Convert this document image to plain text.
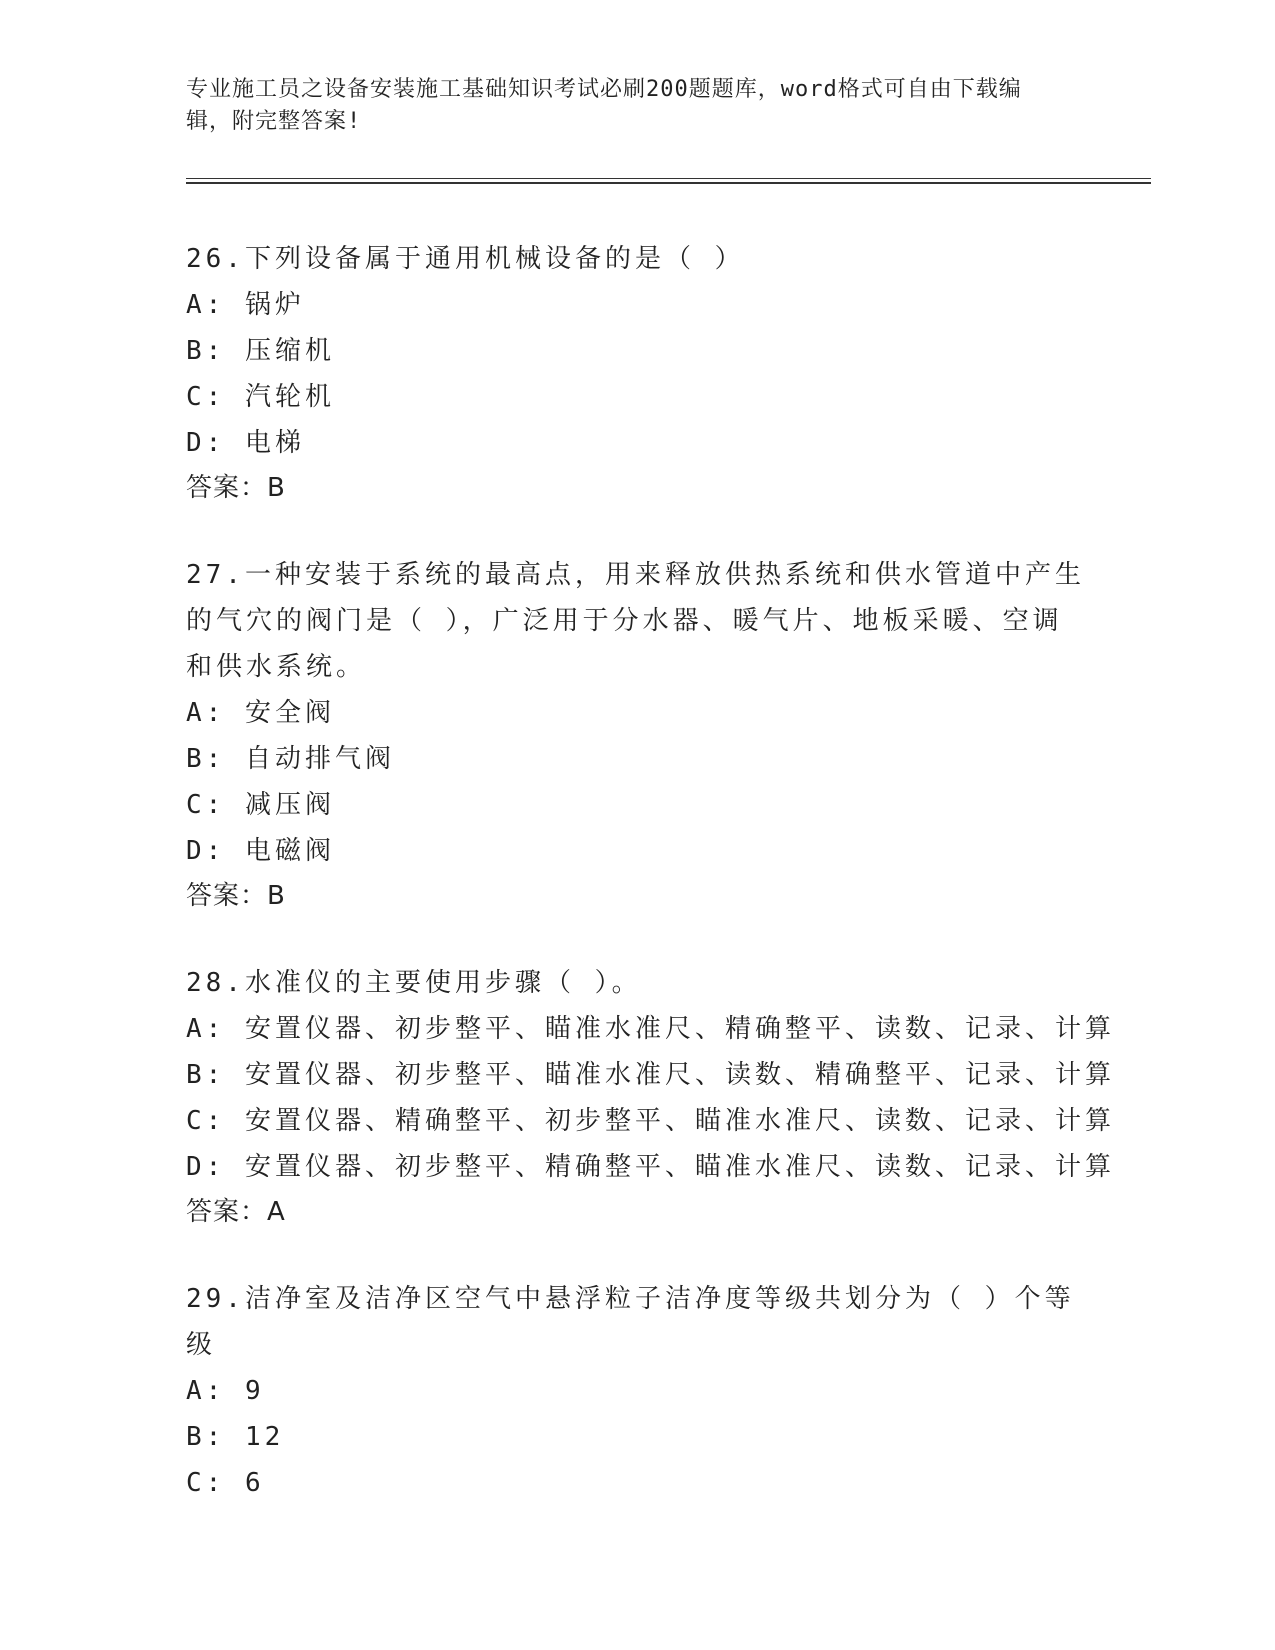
专业施工员之设备安装施工基础知识考试必刷200题题库，word格式可自由下载编辑，附完整答案!

26.下列设备属于通用机械设备的是（ ）

A: 锅炉

B: 压缩机

C: 汽轮机

D: 电梯

答案：B

27.一种安装于系统的最高点，用来释放供热系统和供水管道中产生的气穴的阀门是（ ），广泛用于分水器、暖气片、地板采暖、空调和供水系统。

A: 安全阀

B: 自动排气阀

C: 减压阀

D: 电磁阀

答案：B

28.水准仪的主要使用步骤（ ）。

A: 安置仪器、初步整平、瞄准水准尺、精确整平、读数、记录、计算

B: 安置仪器、初步整平、瞄准水准尺、读数、精确整平、记录、计算

C: 安置仪器、精确整平、初步整平、瞄准水准尺、读数、记录、计算

D: 安置仪器、初步整平、精确整平、瞄准水准尺、读数、记录、计算

答案：A

29.洁净室及洁净区空气中悬浮粒子洁净度等级共划分为（ ）个等级

A: 9

B: 12

C: 6
